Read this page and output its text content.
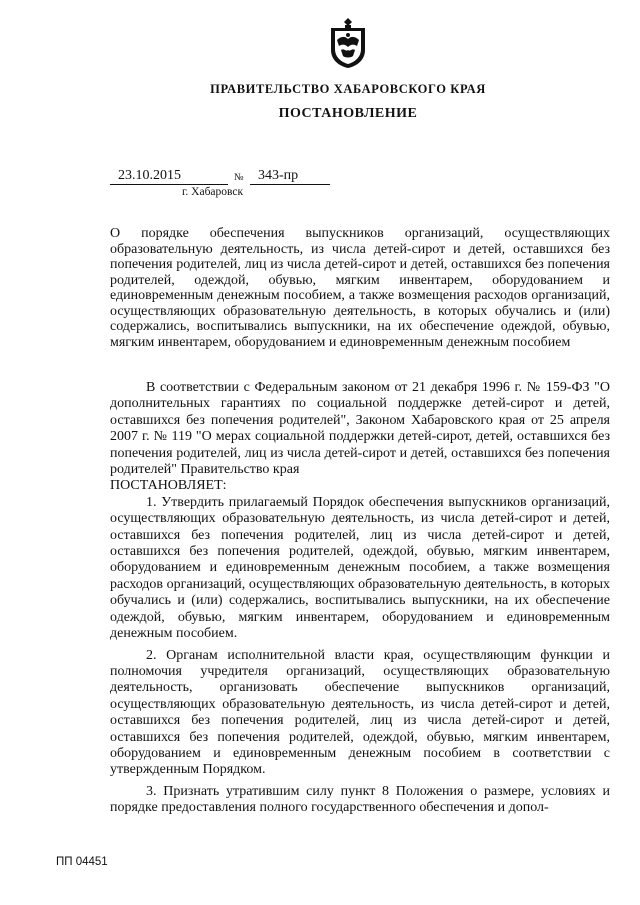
ПРАВИТЕЛЬСТВО ХАБАРОВСКОГО КРАЯ
ПОСТАНОВЛЕНИЕ
23.10.2015	№ 343-пр
г. Хабаровск
О порядке обеспечения выпускников организаций, осуществляющих образовательную деятельность, из числа детей-сирот и детей, оставшихся без попечения родителей, лиц из числа детей-сирот и детей, оставшихся без попечения родителей, одеждой, обувью, мягким инвентарем, оборудованием и единовременным денежным пособием, а также возмещения расходов организаций, осуществляющих образовательную деятельность, в которых обучались и (или) содержались, воспитывались выпускники, на их обеспечение одеждой, обувью, мягким инвентарем, оборудованием и единовременным денежным пособием

В соответствии с Федеральным законом от 21 декабря 1996 г. № 159-ФЗ "О дополнительных гарантиях по социальной поддержке детей-сирот и детей, оставшихся без попечения родителей", Законом Хабаровского края от 25 апреля 2007 г. № 119 "О мерах социальной поддержки детей-сирот, детей, оставшихся без попечения родителей, лиц из числа детей-сирот и детей, оставшихся без попечения родителей" Правительство края

ПОСТАНОВЛЯЕТ:

1. Утвердить прилагаемый Порядок обеспечения выпускников организаций, осуществляющих образовательную деятельность, из числа детей-сирот и детей, оставшихся без попечения родителей, лиц из числа детей-сирот и детей, оставшихся без попечения родителей, одеждой, обувью, мягким инвентарем, оборудованием и единовременным денежным пособием, а также возмещения расходов организаций, осуществляющих образовательную деятельность, в которых обучались и (или) содержались, воспитывались выпускники, на их обеспечение одеждой, обувью, мягким инвентарем, оборудованием и единовременным денежным пособием.

2. Органам исполнительной власти края, осуществляющим функции и полномочия учредителя организаций, осуществляющих образовательную деятельность, организовать обеспечение выпускников организаций, осуществляющих образовательную деятельность, из числа детей-сирот и детей, оставшихся без попечения родителей, лиц из числа детей-сирот и детей, оставшихся без попечения родителей, одеждой, обувью, мягким инвентарем, оборудованием и единовременным денежным пособием в соответствии с утвержденным Порядком.

3. Признать утратившим силу пункт 8 Положения о размере, условиях и порядке предоставления полного государственного обеспечения и допол-

ПП 04451
